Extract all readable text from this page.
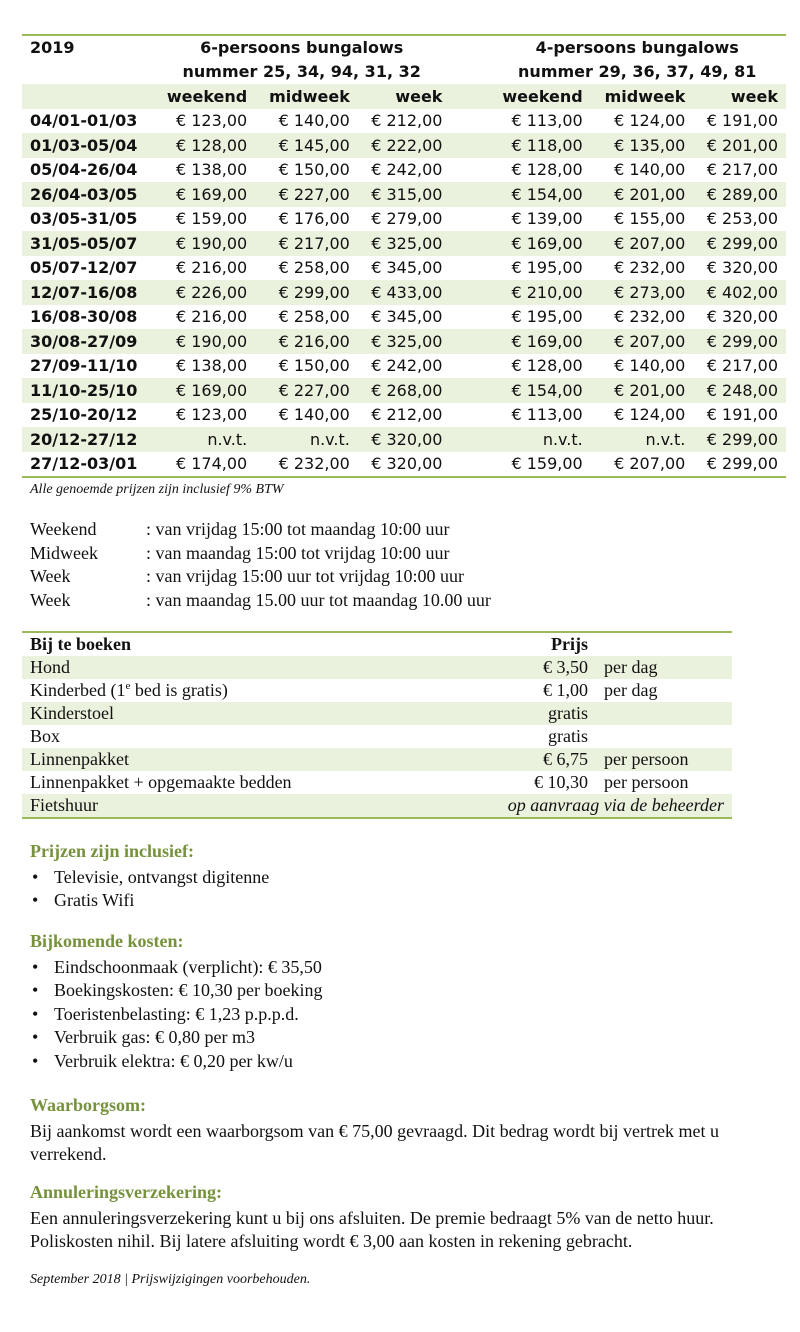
2019	6-persoons bungalows				4-persoons bungalows		
	nummer 25, 34, 94, 31, 32				nummer 29, 36, 37, 49, 81		
	weekend	midweek	week		weekend	midweek	week
04/01-01/03	€ 123,00	€ 140,00	€ 212,00		€ 113,00	€ 124,00	€ 191,00
01/03-05/04	€ 128,00	€ 145,00	€ 222,00		€ 118,00	€ 135,00	€ 201,00
05/04-26/04	€ 138,00	€ 150,00	€ 242,00		€ 128,00	€ 140,00	€ 217,00
26/04-03/05	€ 169,00	€ 227,00	€ 315,00		€ 154,00	€ 201,00	€ 289,00
03/05-31/05	€ 159,00	€ 176,00	€ 279,00		€ 139,00	€ 155,00	€ 253,00
31/05-05/07	€ 190,00	€ 217,00	€ 325,00		€ 169,00	€ 207,00	€ 299,00
05/07-12/07	€ 216,00	€ 258,00	€ 345,00		€ 195,00	€ 232,00	€ 320,00
12/07-16/08	€ 226,00	€ 299,00	€ 433,00		€ 210,00	€ 273,00	€ 402,00
16/08-30/08	€ 216,00	€ 258,00	€ 345,00		€ 195,00	€ 232,00	€ 320,00
30/08-27/09	€ 190,00	€ 216,00	€ 325,00		€ 169,00	€ 207,00	€ 299,00
27/09-11/10	€ 138,00	€ 150,00	€ 242,00		€ 128,00	€ 140,00	€ 217,00
11/10-25/10	€ 169,00	€ 227,00	€ 268,00		€ 154,00	€ 201,00	€ 248,00
25/10-20/12	€ 123,00	€ 140,00	€ 212,00		€ 113,00	€ 124,00	€ 191,00
20/12-27/12	n.v.t.	n.v.t.	€ 320,00		n.v.t.	n.v.t.	€ 299,00
27/12-03/01	€ 174,00	€ 232,00	€ 320,00		€ 159,00	€ 207,00	€ 299,00
Alle genoemde prijzen zijn inclusief 9% BTW
Weekend	: van vrijdag 15:00 tot maandag 10:00 uur
Midweek	: van maandag 15:00 tot vrijdag 10:00 uur
Week	: van vrijdag 15:00 uur tot vrijdag 10:00 uur
Week	: van maandag 15.00 uur tot maandag 10.00 uur
Bij te boeken	Prijs	
Hond	€ 3,50	per dag
Kinderbed (1e bed is gratis)	€ 1,00	per dag
Kinderstoel	gratis	
Box	gratis	
Linnenpakket	€ 6,75	per persoon
Linnenpakket + opgemaakte bedden	€ 10,30	per persoon
Fietshuur	op aanvraag via de beheerder	
Prijzen zijn inclusief:
• Televisie, ontvangst digitenne
• Gratis Wifi
Bijkomende kosten:
• Eindschoonmaak (verplicht): € 35,50
• Boekingskosten: € 10,30 per boeking
• Toeristenbelasting: € 1,23 p.p.p.d.
• Verbruik gas: € 0,80 per m3
• Verbruik elektra: € 0,20 per kw/u
Waarborgsom:

Bij aankomst wordt een waarborgsom van € 75,00 gevraagd. Dit bedrag wordt bij vertrek met u verrekend.

Annuleringsverzekering:

Een annuleringsverzekering kunt u bij ons afsluiten. De premie bedraagt 5% van de netto huur. Poliskosten nihil. Bij latere afsluiting wordt € 3,00 aan kosten in rekening gebracht.

September 2018 | Prijswijzigingen voorbehouden.
